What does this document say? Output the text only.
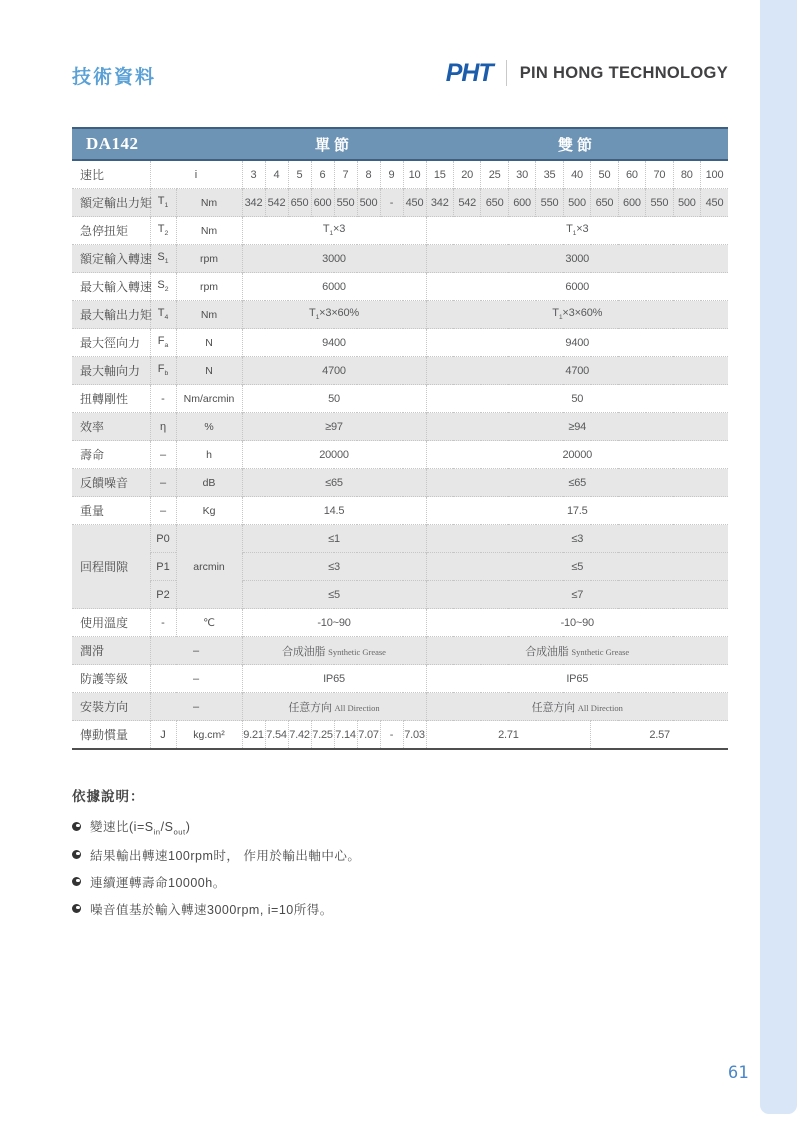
技術資料	PHT PIN HONG TECHNOLOGY
DA142			單節								雙節										
速比	i		3	4	5	6	7	8	9	10	15	20	25	30	35	40	50	60	70	80	100
額定輸出力矩	$T_1$	Nm	342	542	650	600	550	500	-	450	342	542	650	600	550	500	650	600	550	500	450
急停扭矩	$T_2$	Nm	$T_1\times 3$								$T_1\times 3$										
額定輸入轉速	$S_1$	rpm	3000								3000										
最大輸入轉速	$S_2$	rpm	6000								6000										
最大輸出力矩	$T_4$	Nm	$T_1\times 3\times 60\%$								$T_1\times 3\times 60\%$										
最大徑向力	$F_a$	N	9400								9400										
最大軸向力	$F_b$	N	4700								4700										
扭轉剛性	-	Nm/arcmin	50								50										
效率	η	%	≥97								≥94										
壽命	–	h	20000								20000										
反饋噪音	–	dB	≤65								≤65										
重量	–	Kg	14.5								17.5										
回程間隙	P0	arcmin	≤1								≤3										
	P1		≤3								≤5										
	P2		≤5								≤7										
使用溫度	-	℃	-10~90								-10~90										
潤滑	–		合成油脂 Synthetic Grease								合成油脂 Synthetic Grease										
防護等級	–		IP65								IP65										
安裝方向	–		任意方向 All Direction								任意方向 All Direction										
傳動慣量	J	kg.cm²	9.21	7.54	7.42	7.25	7.14	7.07	-	7.03	2.71						2.57				
依據說明：
變速比$(i=S_{in}/S_{out})$
結果輸出轉速100rpm时， 作用於輸出軸中心。
連續運轉壽命10000h。
噪音值基於輸入轉速3000rpm, i=10所得。
61
